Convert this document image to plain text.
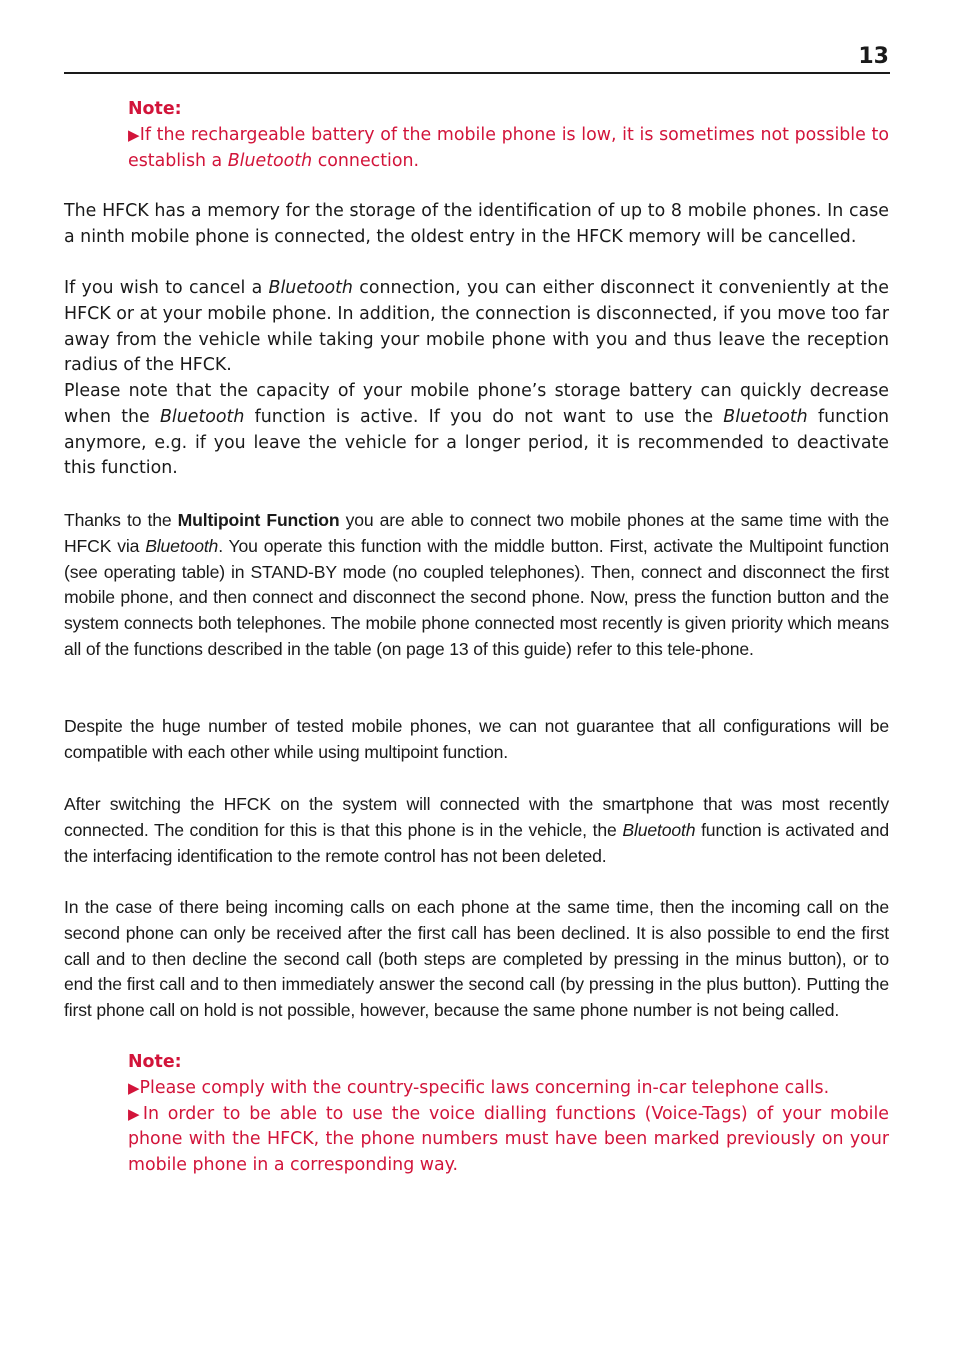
13
Note:

▶If the rechargeable battery of the mobile phone is low, it is sometimes not possible to establish a Bluetooth connection.

The HFCK has a memory for the storage of the identification of up to 8 mobile phones. In case a ninth mobile phone is connected, the oldest entry in the HFCK memory will be cancelled.

If you wish to cancel a Bluetooth connection, you can either disconnect it conveniently at the HFCK or at your mobile phone. In addition, the connection is disconnected, if you move too far away from the vehicle while taking your mobile phone with you and thus leave the reception radius of the HFCK.

Please note that the capacity of your mobile phone’s storage battery can quickly decrease when the Bluetooth function is active. If you do not want to use the Bluetooth function anymore, e.g. if you leave the vehicle for a longer period, it is recommended to deactivate this function.

Thanks to the Multipoint Function you are able to connect two mobile phones at the same time with the HFCK via Bluetooth. You operate this function with the middle button. First, activate the Multipoint function (see operating table) in STAND-BY mode (no coupled telephones). Then, connect and disconnect the first mobile phone, and then connect and disconnect the second phone. Now, press the function button and the system connects both telephones. The mobile phone connected most recently is given priority which means all of the functions described in the table (on page 13 of this guide) refer to this tele-phone.

Despite the huge number of tested mobile phones, we can not guarantee that all configurations will be compatible with each other while using multipoint function.

After switching the HFCK on the system will connected with the smartphone that was most recently connected. The condition for this is that this phone is in the vehicle, the Bluetooth function is activated and the interfacing identification to the remote control has not been deleted.

In the case of there being incoming calls on each phone at the same time, then the incoming call on the second phone can only be received after the first call has been declined. It is also possible to end the first call and to then decline the second call (both steps are completed by pressing in the minus button), or to end the first call and to then immediately answer the second call (by pressing in the plus button). Putting the first phone call on hold is not possible, however, because the same phone number is not being called.

Note:

▶Please comply with the country-specific laws concerning in-car telephone calls.

▶In order to be able to use the voice dialling functions (Voice-Tags) of your mobile phone with the HFCK, the phone numbers must have been marked previously on your mobile phone in a corresponding way.
